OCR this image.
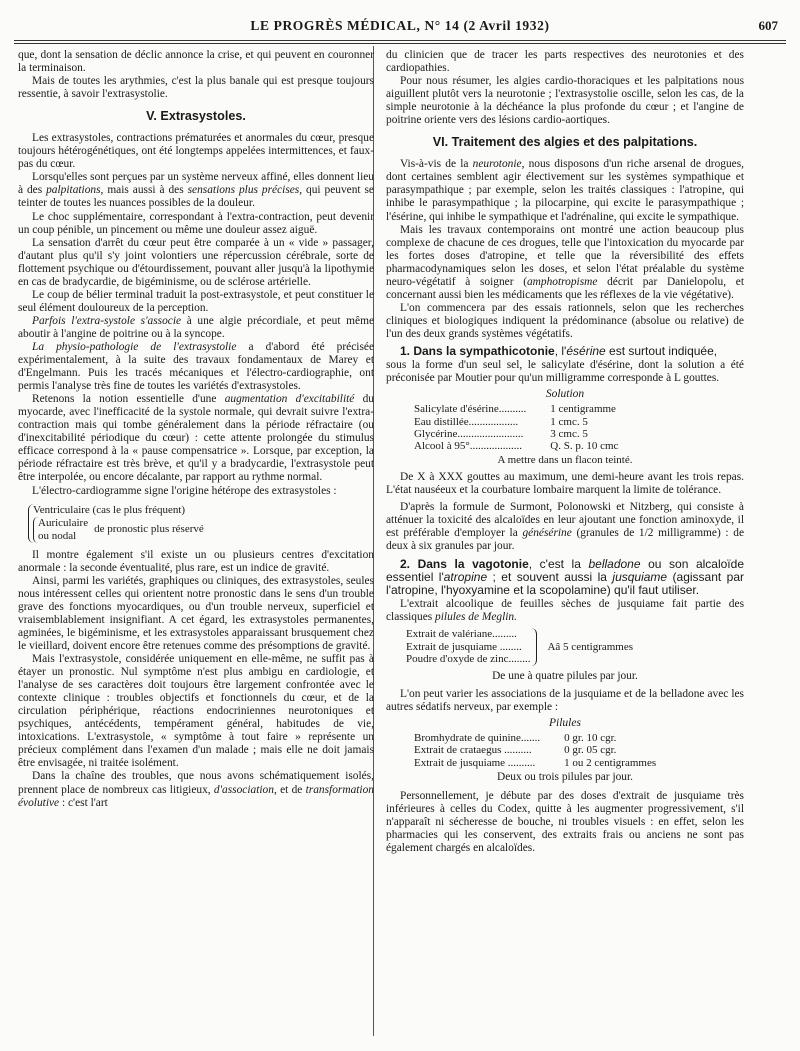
LE PROGRÈS MÉDICAL, N° 14 (2 Avril 1932)	607

que, dont la sensation de déclic annonce la crise, et qui peuvent en couronner la terminaison.

Mais de toutes les arythmies, c'est la plus banale qui est presque toujours ressentie, à savoir l'extrasystolie.

V. Extrasystoles.

Les extrasystoles, contractions prématurées et anormales du cœur, presque toujours hétérogénétiques, ont été longtemps appelées intermittences, et faux-pas du cœur.

Lorsqu'elles sont perçues par un système nerveux affiné, elles donnent lieu à des palpitations, mais aussi à des sensations plus précises, qui peuvent se teinter de toutes les nuances possibles de la douleur.

Le choc supplémentaire, correspondant à l'extra-contraction, peut devenir un coup pénible, un pincement ou même une douleur assez aiguë.

La sensation d'arrêt du cœur peut être comparée à un « vide » passager, d'autant plus qu'il s'y joint volontiers une répercussion cérébrale, sorte de flottement psychique ou d'étourdissement, pouvant aller jusqu'à la lipothymie en cas de bradycardie, de bigéminisme, ou de sclérose artérielle.

Le coup de bélier terminal traduit la post-extrasystole, et peut constituer le seul élément douloureux de la perception.

Parfois l'extra-systole s'associe à une algie précordiale, et peut même aboutir à l'angine de poitrine ou à la syncope.

La physio-pathologie de l'extrasystolie a d'abord été précisée expérimentalement, à la suite des travaux fondamentaux de Marey et d'Engelmann. Puis les tracés mécaniques et l'électro-cardiographie, ont permis l'analyse très fine de toutes les variétés d'extrasystoles.

Retenons la notion essentielle d'une augmentation d'excitabilité du myocarde, avec l'inefficacité de la systole normale, qui devrait suivre l'extra-contraction mais qui tombe généralement dans la période réfractaire (ou d'inexcitabilité périodique du cœur) : cette attente prolongée du stimulus efficace correspond à la « pause compensatrice ». Lorsque, par exception, la période réfractaire est très brève, et qu'il y a bradycardie, l'extrasystole peut être interpolée, ou encore décalante, par rapport au rythme normal.

L'électro-cardiogramme signe l'origine hétérope des extrasystoles :

Ventriculaire (cas le plus fréquent)
Auriculaire
ou nodal
de pronostic plus réservé

Il montre également s'il existe un ou plusieurs centres d'excitation anormale : la seconde éventualité, plus rare, est un indice de gravité.

Ainsi, parmi les variétés, graphiques ou cliniques, des extrasystoles, seules nous intéressent celles qui orientent notre pronostic dans le sens d'un trouble grave des fonctions myocardiques, ou d'un trouble nerveux, superficiel et vraisemblablement insignifiant. A cet égard, les extrasystoles permanentes, agminées, le bigéminisme, et les extrasystoles apparaissant brusquement chez le vieillard, doivent encore être retenues comme des présomptions de gravité.

Mais l'extrasystole, considérée uniquement en elle-même, ne suffit pas à étayer un pronostic. Nul symptôme n'est plus ambigu en cardiologie, et l'analyse de ses caractères doit toujours être largement confrontée avec le contexte clinique : troubles objectifs et fonctionnels du cœur, et de la circulation périphérique, réactions endocriniennes neurotoniques et psychiques, antécédents, tempérament général, habitudes de vie, intoxications. L'extrasystole, « symptôme à tout faire » représente un précieux complément dans l'examen d'un malade ; mais elle ne doit jamais être envisagée, ni traitée isolément.

Dans la chaîne des troubles, que nous avons schématiquement isolés, prennent place de nombreux cas litigieux, d'association, et de transformation évolutive : c'est l'art

du clinicien que de tracer les parts respectives des neurotonies et des cardiopathies.

Pour nous résumer, les algies cardio-thoraciques et les palpitations nous aiguillent plutôt vers la neurotonie ; l'extrasystolie oscille, selon les cas, de la simple neurotonie à la déchéance la plus profonde du cœur ; et l'angine de poitrine oriente vers des lésions cardio-aortiques.

VI. Traitement des algies et des palpitations.

Vis-à-vis de la neurotonie, nous disposons d'un riche arsenal de drogues, dont certaines semblent agir électivement sur les systèmes sympathique et parasympathique ; par exemple, selon les traités classiques : l'atropine, qui inhibe le parasympathique ; la pilocarpine, qui excite le parasympathique ; l'ésérine, qui inhibe le sympathique et l'adrénaline, qui excite le sympathique.

Mais les travaux contemporains ont montré une action beaucoup plus complexe de chacune de ces drogues, telle que l'intoxication du myocarde par les fortes doses d'atropine, et telle que la réversibilité des effets pharmacodynamiques selon les doses, et selon l'état préalable du système neuro-végétatif à soigner (amphotropisme décrit par Danielopolu, et concernant aussi bien les médicaments que les réflexes de la vie végétative).

L'on commencera par des essais rationnels, selon que les recherches cliniques et biologiques indiquent la prédominance (absolue ou relative) de l'un des deux grands systèmes végétatifs.

1. Dans la sympathicotonie, l'ésérine est surtout indiquée,

sous la forme d'un seul sel, le salicylate d'ésérine, dont la solution a été préconisée par Moutier pour qu'un milligramme corresponde à L gouttes.

Solution
Salicylate d'ésérine..........	1 centigramme
Eau distillée..................	1 cmc. 5
Glycérine........................	3 cmc. 5
Alcool à 95°...................	Q. S. p. 10 cmc
A mettre dans un flacon teinté.

De X à XXX gouttes au maximum, une demi-heure avant les trois repas. L'état nauséeux et la courbature lombaire marquent la limite de tolérance.

D'après la formule de Surmont, Polonowski et Nitzberg, qui consiste à atténuer la toxicité des alcaloïdes en leur ajoutant une fonction aminoxyde, il est préférable d'employer la génésérine (granules de 1/2 milligramme) : de deux à six granules par jour.

2. Dans la vagotonie, c'est la belladone ou son alcaloïde essentiel l'atropine ; et souvent aussi la jusquiame (agissant par l'atropine, l'hyoxyamine et la scopolamine) qu'il faut utiliser.

L'extrait alcoolique de feuilles sèches de jusquiame fait partie des classiques pilules de Meglin.

Extrait de valériane.........
Extrait de jusquiame ........
Poudre d'oxyde de zinc........
Aâ 5 centigrammes
De une à quatre pilules par jour.

L'on peut varier les associations de la jusquiame et de la belladone avec les autres sédatifs nerveux, par exemple :

Pilules
Bromhydrate de quinine.......	0 gr. 10 cgr.
Extrait de crataegus ..........	0 gr. 05 cgr.
Extrait de jusquiame ..........	1 ou 2 centigrammes
Deux ou trois pilules par jour.

Personnellement, je débute par des doses d'extrait de jusquiame très inférieures à celles du Codex, quitte à les augmenter progressivement, s'il n'apparaît ni sécheresse de bouche, ni troubles visuels : en effet, selon les pharmacies qui les conservent, des extraits frais ou anciens ne sont pas également chargés en alcaloïdes.
